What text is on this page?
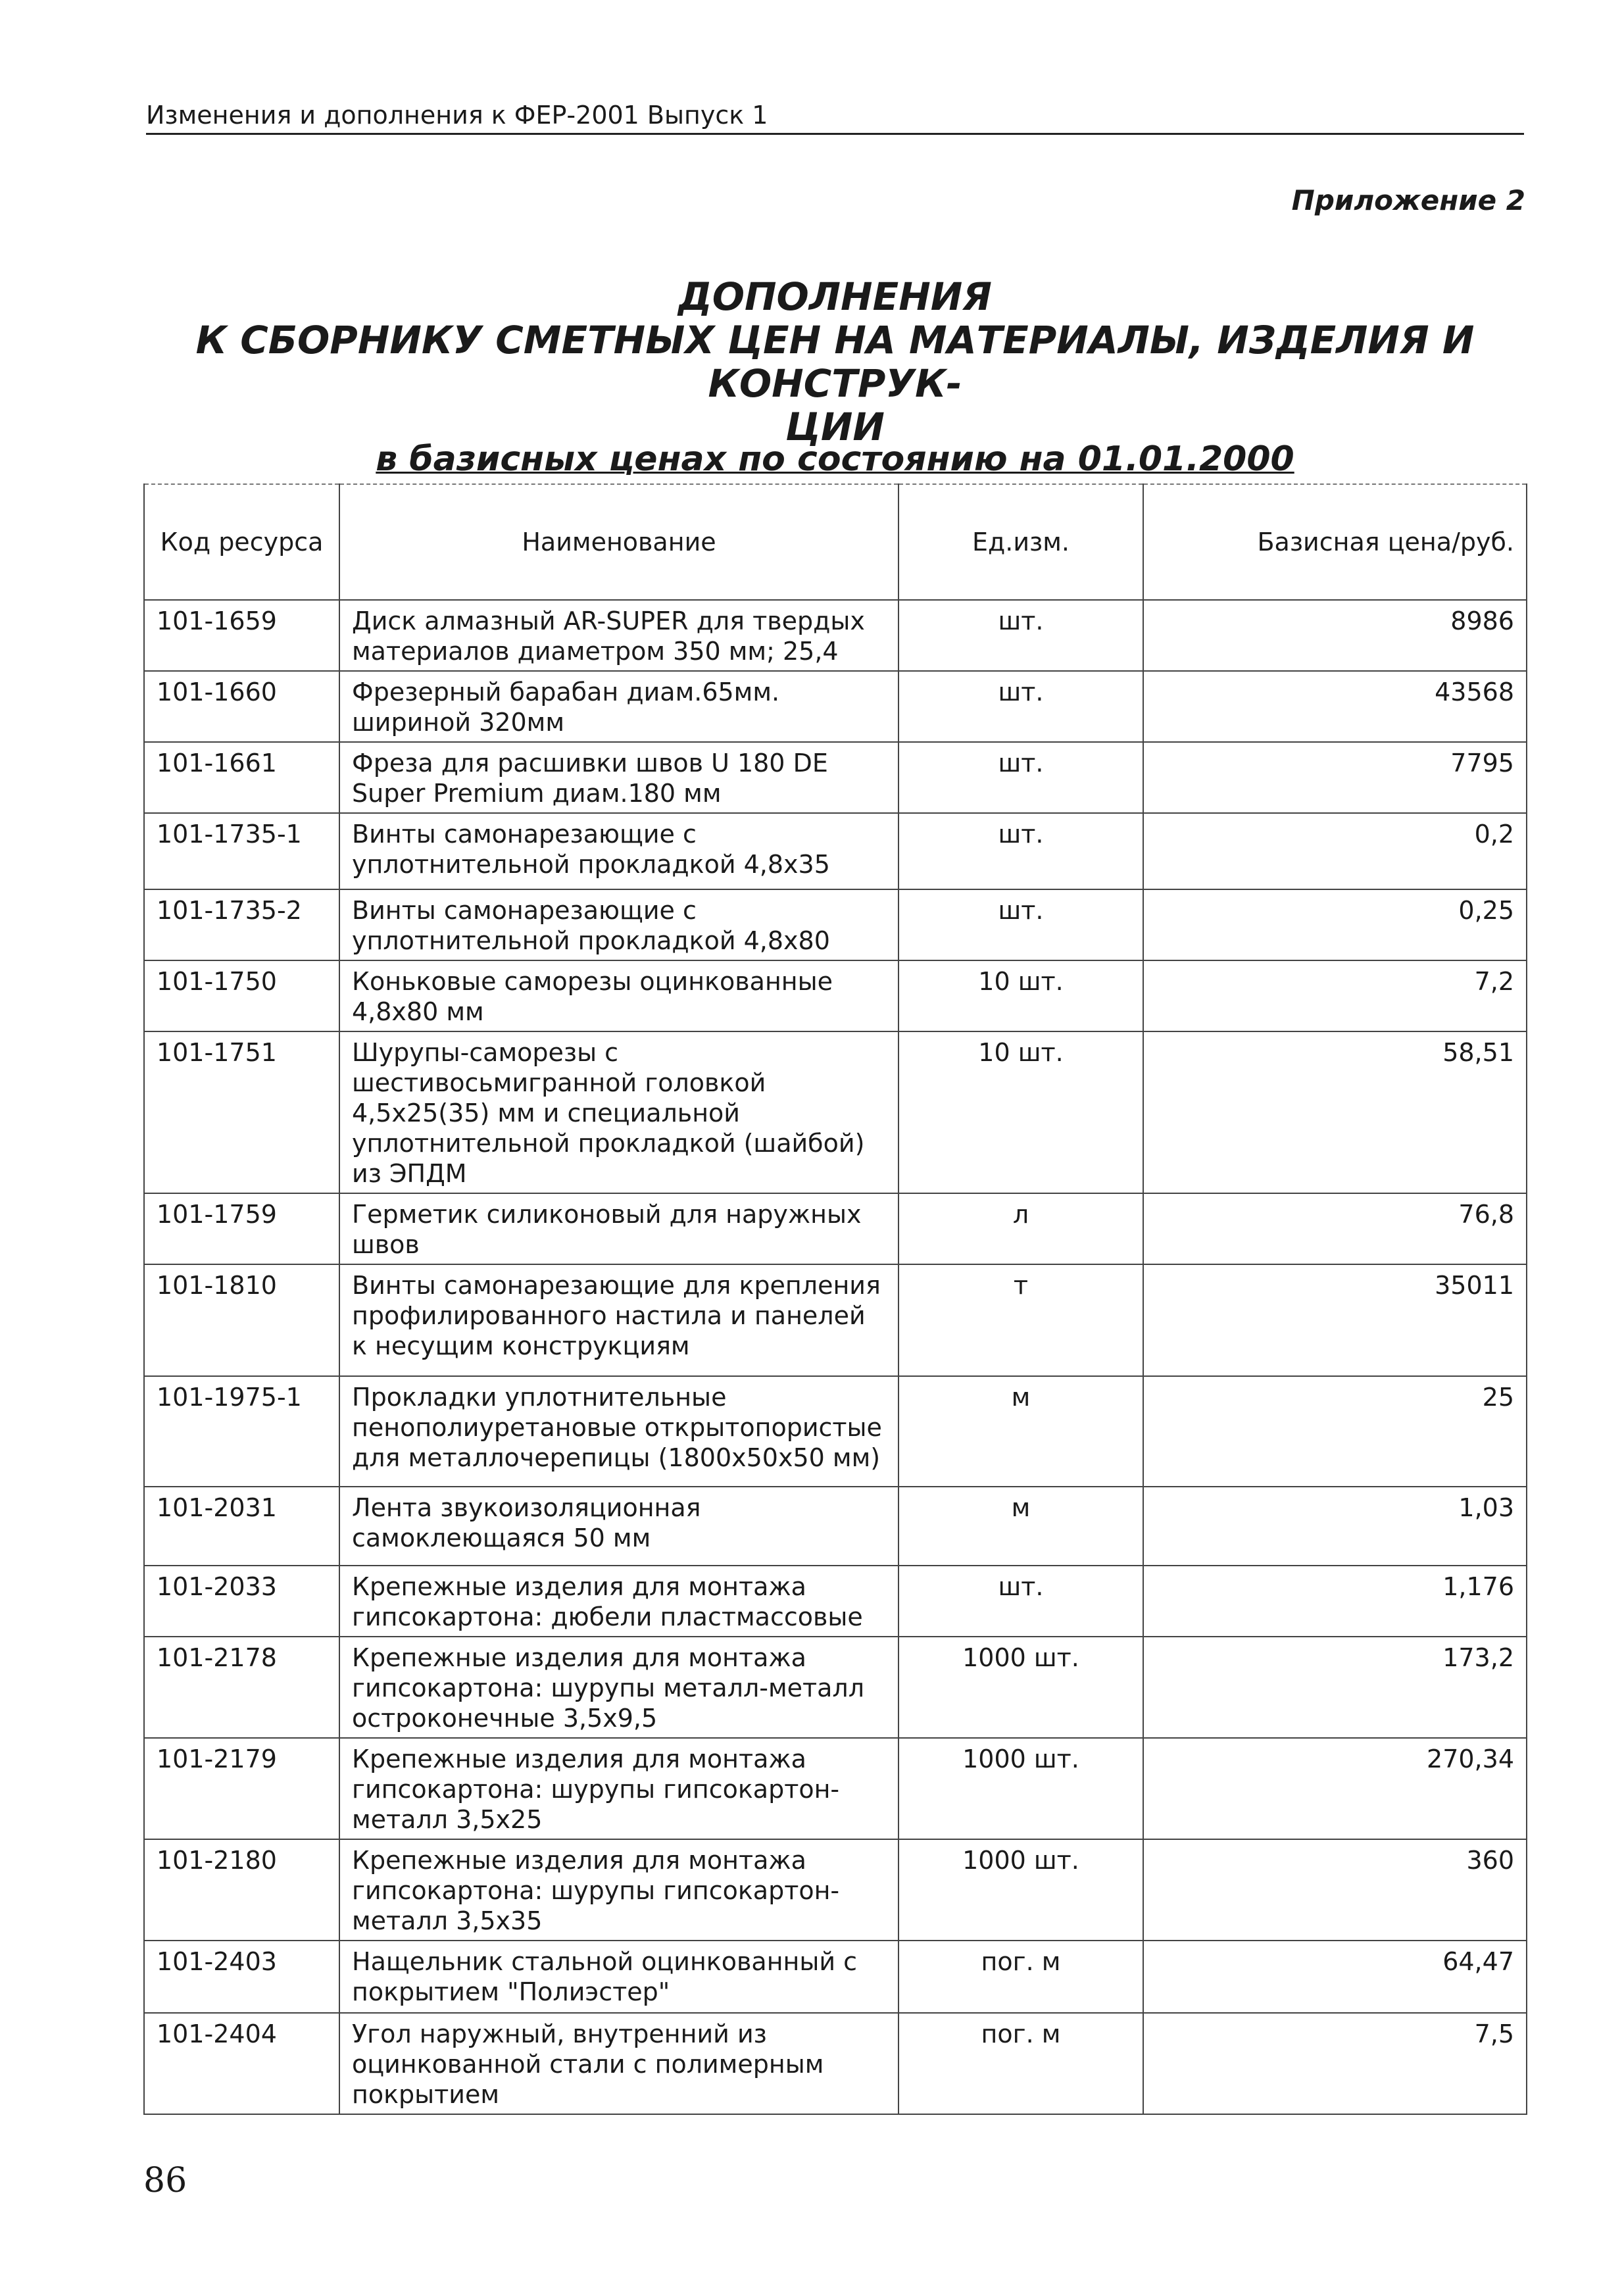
Изменения и дополнения к ФЕР-2001 Выпуск 1
Приложение 2
ДОПОЛНЕНИЯ
К СБОРНИКУ СМЕТНЫХ ЦЕН НА МАТЕРИАЛЫ, ИЗДЕЛИЯ И КОНСТРУК-
ЦИИ
в базисных ценах по состоянию на 01.01.2000
Код ресурса	Наименование	Ед.изм.	Базисная цена/руб.
101-1659	Диск алмазный AR-SUPER для твердых материалов диаметром 350 мм; 25,4	шт.	8986
101-1660	Фрезерный барабан диам.65мм. шириной 320мм	шт.	43568
101-1661	Фреза для расшивки швов U 180 DE Super Premium диам.180 мм	шт.	7795
101-1735-1	Винты самонарезающие с уплотнительной прокладкой 4,8х35	шт.	0,2
101-1735-2	Винты самонарезающие с уплотнительной прокладкой 4,8х80	шт.	0,25
101-1750	Коньковые саморезы оцинкованные 4,8х80 мм	10 шт.	7,2
101-1751	Шурупы-саморезы с шестивосьмигранной головкой 4,5х25(35) мм и специальной уплотнительной прокладкой (шайбой) из ЭПДМ	10 шт.	58,51
101-1759	Герметик силиконовый для наружных швов	л	76,8
101-1810	Винты самонарезающие для крепления профилированного настила и панелей к несущим конструкциям	т	35011
101-1975-1	Прокладки уплотнительные пенополиуретановые открытопористые для металлочерепицы (1800х50х50 мм)	м	25
101-2031	Лента звукоизоляционная самоклеющаяся 50 мм	м	1,03
101-2033	Крепежные изделия для монтажа гипсокартона: дюбели пластмассовые	шт.	1,176
101-2178	Крепежные изделия для монтажа гипсокартона: шурупы металл-металл остроконечные 3,5х9,5	1000 шт.	173,2
101-2179	Крепежные изделия для монтажа гипсокартона: шурупы гипсокартон-металл 3,5х25	1000 шт.	270,34
101-2180	Крепежные изделия для монтажа гипсокартона: шурупы гипсокартон-металл 3,5х35	1000 шт.	360
101-2403	Нащельник стальной оцинкованный с покрытием "Полиэстер"	пог. м	64,47
101-2404	Угол наружный, внутренний из оцинкованной стали с полимерным покрытием	пог. м	7,5
86
